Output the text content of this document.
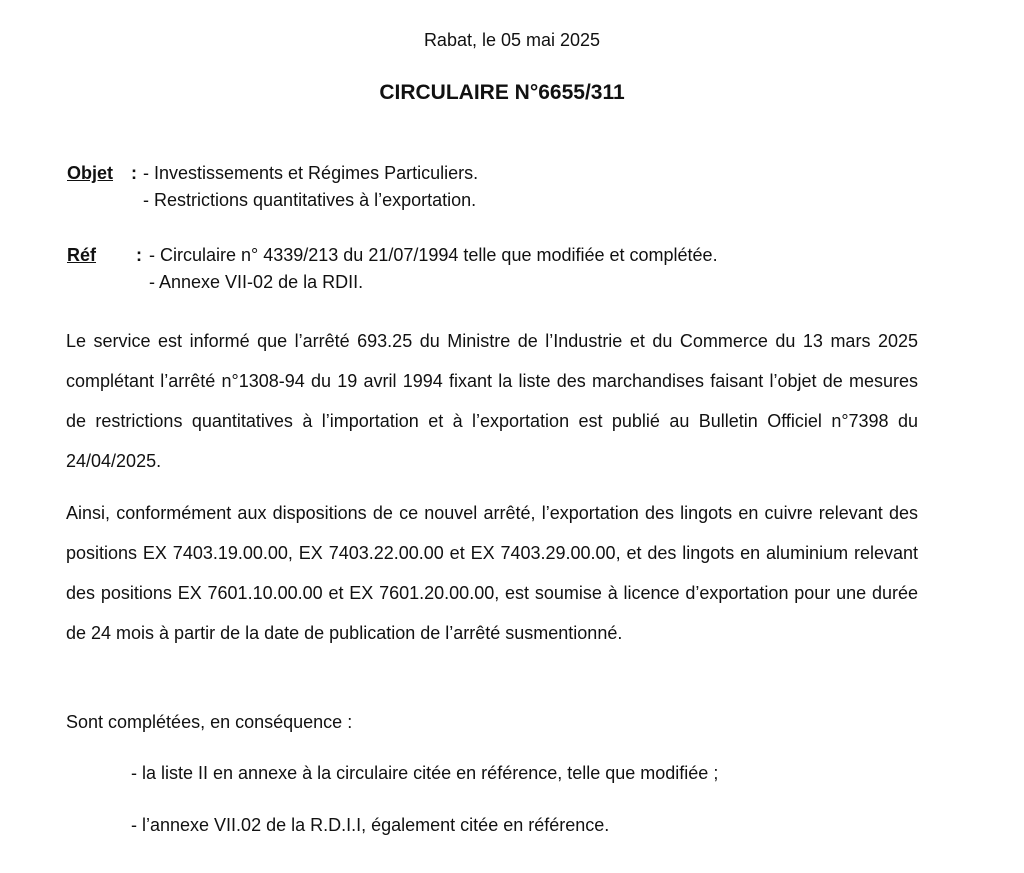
Rabat, le 05 mai 2025
CIRCULAIRE N°6655/311
Objet : - Investissements et Régimes Particuliers.
- Restrictions quantitatives à l’exportation.
Réf : - Circulaire n° 4339/213 du 21/07/1994 telle que modifiée et complétée.
- Annexe VII-02 de la RDII.

Le service est informé que l’arrêté 693.25 du Ministre de l’Industrie et du Commerce du 13 mars 2025 complétant l’arrêté n°1308-94 du 19 avril 1994 fixant la liste des marchandises faisant l’objet de mesures de restrictions quantitatives à l’importation et à l’exportation est publié au Bulletin Officiel n°7398 du 24/04/2025.

Ainsi, conformément aux dispositions de ce nouvel arrêté, l’exportation des lingots en cuivre relevant des positions EX 7403.19.00.00, EX 7403.22.00.00 et EX 7403.29.00.00, et des lingots en aluminium relevant des positions EX 7601.10.00.00 et EX 7601.20.00.00, est soumise à licence d’exportation pour une durée de 24 mois à partir de la date de publication de l’arrêté susmentionné.

Sont complétées, en conséquence :

- la liste II en annexe à la circulaire citée en référence, telle que modifiée ;
- l’annexe VII.02 de la R.D.I.I, également citée en référence.
